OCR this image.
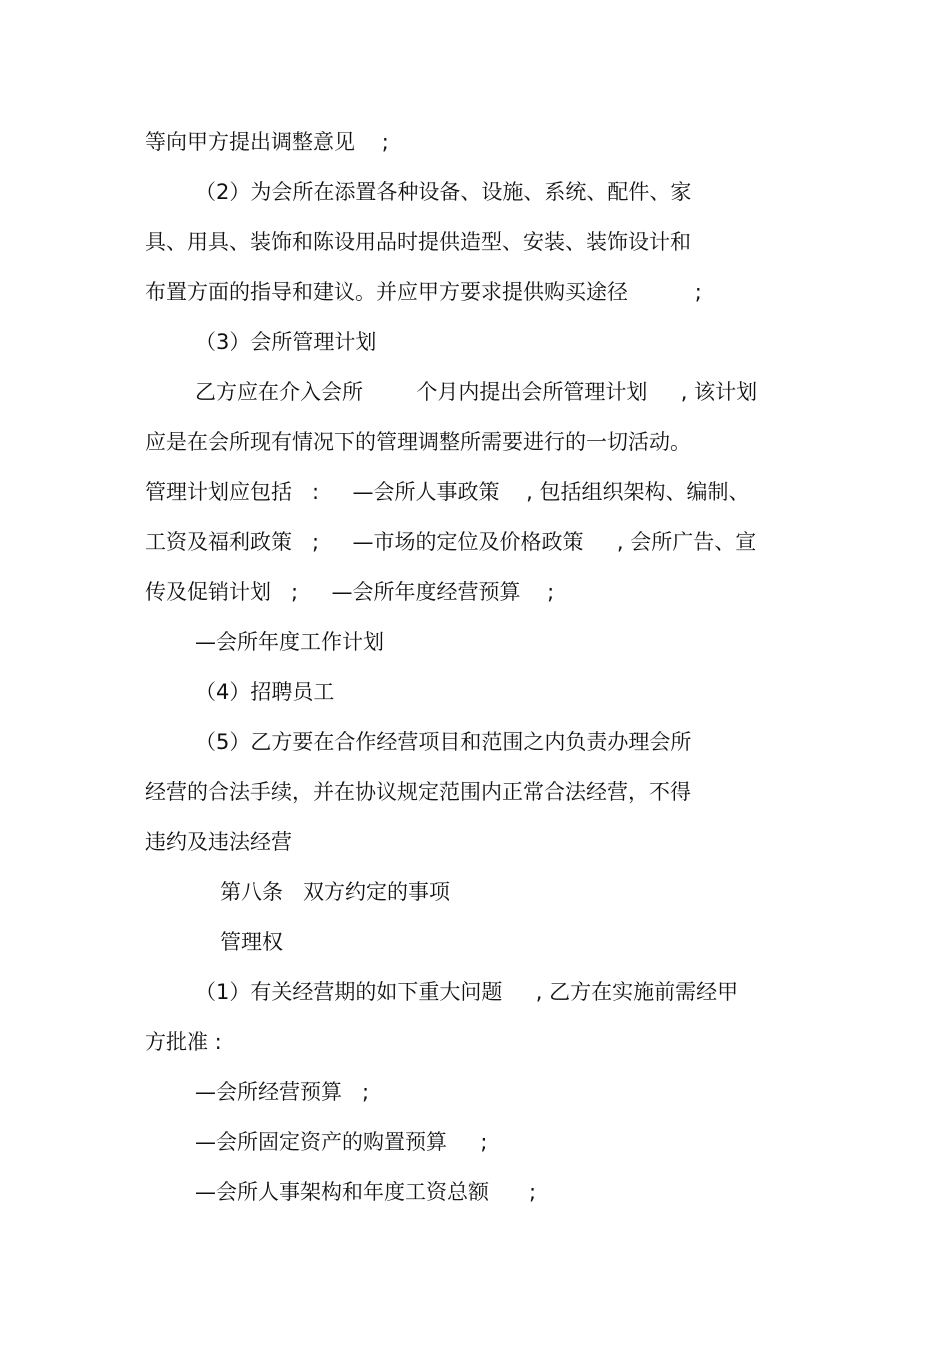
等向甲方提出调整意见    ;
（2）为会所在添置各种设备、设施、系统、配件、家
具、用具、装饰和陈设用品时提供造型、安装、装饰设计和
布置方面的指导和建议。并应甲方要求提供购买途径          ;
（3）会所管理计划
乙方应在介入会所        个月内提出会所管理计划     , 该计划
应是在会所现有情况下的管理调整所需要进行的一切活动。
管理计划应包括   :     —会所人事政策    , 包括组织架构、编制、
工资及福利政策   ;     —市场的定位及价格政策     , 会所广告、宣
传及促销计划   ;     —会所年度经营预算    ;
—会所年度工作计划
（4）招聘员工
（5）乙方要在合作经营项目和范围之内负责办理会所
经营的合法手续，并在协议规定范围内正常合法经营，不得
违约及违法经营
第八条   双方约定的事项
管理权
（1）有关经营期的如下重大问题     , 乙方在实施前需经甲
方批准 :
—会所经营预算   ;
—会所固定资产的购置预算     ;
—会所人事架构和年度工资总额      ;
